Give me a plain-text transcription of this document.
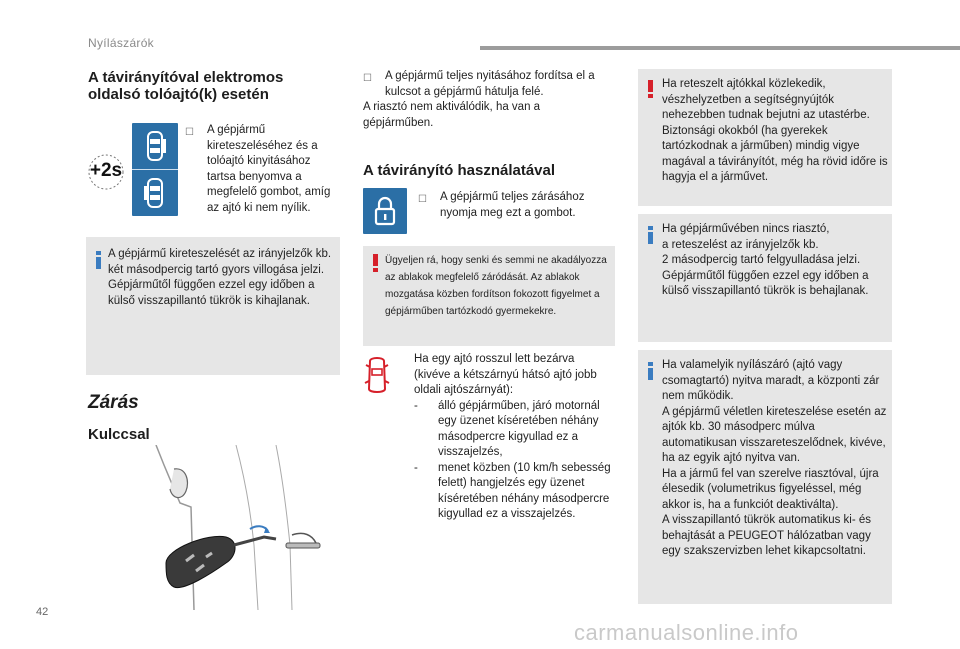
Nyílászárók
A távirányítóval elektromos
oldalsó tolóajtó(k) esetén
+2s
☐	A gépjármű kireteszeléséhez és a tolóajtó kinyitásához tartsa benyomva a megfelelő gombot, amíg az ajtó ki nem nyílik.
A gépjármű kireteszelését az irányjelzők kb. két másodpercig tartó gyors villogása jelzi.
Gépjárműtől függően ezzel egy időben a külső visszapillantó tükrök is kihajlanak.
Zárás
Kulccsal
☐	A gépjármű teljes nyitásához fordítsa el a kulcsot a gépjármű hátulja felé.
A riasztó nem aktiválódik, ha van a gépjárműben.
A távirányító használatával
☐	A gépjármű teljes zárásához nyomja meg ezt a gombot.
Ügyeljen rá, hogy senki és semmi ne akadályozza az ablakok megfelelő záródását. Az ablakok mozgatása közben fordítson fokozott figyelmet a gépjárműben tartózkodó gyermekekre.
Ha egy ajtó rosszul lett bezárva (kivéve a kétszárnyú hátsó ajtó jobb oldali ajtószárnyát):
-	álló gépjárműben, járó motornál egy üzenet kíséretében néhány másodpercre kigyullad ez a visszajelzés,
-	menet közben (10 km/h sebesség felett) hangjelzés egy üzenet kíséretében néhány másodpercre kigyullad ez a visszajelzés.
Ha reteszelt ajtókkal közlekedik, vészhelyzetben a segítségnyújtók nehezebben tudnak bejutni az utastérbe. Biztonsági okokból (ha gyerekek tartózkodnak a járműben) mindig vigye magával a távirányítót, még ha rövid időre is hagyja el a járművet.
Ha gépjárművében nincs riasztó,
a reteszelést az irányjelzők kb.
2 másodpercig tartó felgyulladása jelzi.
Gépjárműtől függően ezzel egy időben a külső visszapillantó tükrök is behajlanak.
Ha valamelyik nyílászáró (ajtó vagy csomagtartó) nyitva maradt, a központi zár nem működik.
A gépjármű véletlen kireteszelése esetén az ajtók kb. 30 másodperc múlva automatikusan visszareteszelődnek, kivéve, ha az egyik ajtó nyitva van.
Ha a jármű fel van szerelve riasztóval, újra élesedik (volumetrikus figyeléssel, még akkor is, ha a funkciót deaktiválta).
A visszapillantó tükrök automatikus ki- és behajtását a PEUGEOT hálózatban vagy egy szakszervizben lehet kikapcsoltatni.
42
carmanualsonline.info
